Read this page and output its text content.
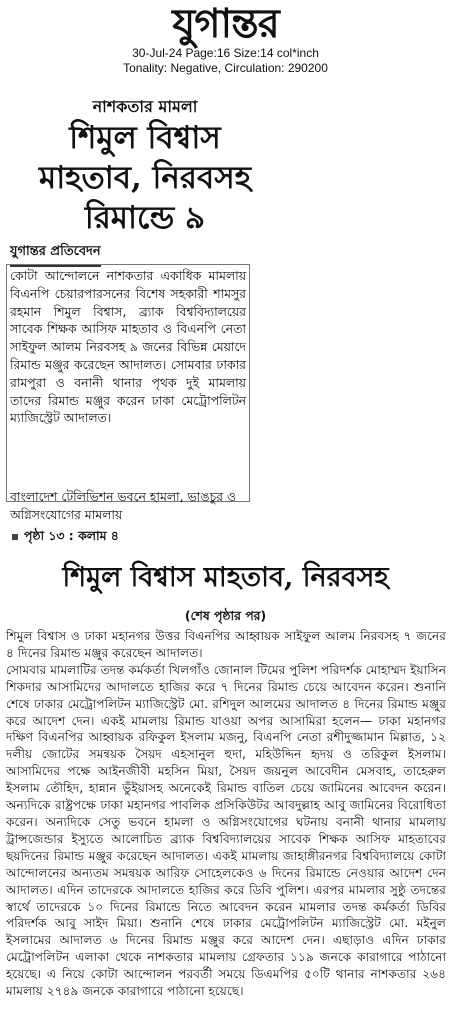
যুগান্তর
30-Jul-24 Page:16 Size:14 col*inch
Tonality: Negative, Circulation: 290200
নাশকতার মামলা
শিমুল বিশ্বাস
মাহতাব, নিরবসহ
রিমান্ডে ৯
যুগান্তর প্রতিবেদন

কোটা আন্দোলনে নাশকতার একাধিক মামলায় বিএনপি চেয়ারপারসনের বিশেষ সহকারী শামসুর রহমান শিমুল বিশ্বাস, ব্র্যাক বিশ্ববিদ্যালয়ের সাবেক শিক্ষক আসিফ মাহতাব ও বিএনপি নেতা সাইফুল আলম নিরবসহ ৯ জনের বিভিন্ন মেয়াদে রিমান্ড মঞ্জুর করেছেন আদালত। সোমবার ঢাকার রামপুরা ও বনানী থানার পৃথক দুই মামলায় তাদের রিমান্ড মঞ্জুর করেন ঢাকা মেট্রোপলিটন ম্যাজিস্ট্রেট আদালত।

বাংলাদেশ টেলিভিশন ভবনে হামলা, ভাঙচুর ও অগ্নিসংযোগের মামলায়
পৃষ্ঠা ১৩ : কলাম ৪
শিমুল বিশ্বাস মাহতাব, নিরবসহ
(শেষ পৃষ্ঠার পর)

শিমুল বিশ্বাস ও ঢাকা মহানগর উত্তর বিএনপির আহ্বায়ক সাইফুল আলম নিরবসহ ৭ জনের ৪ দিনের রিমান্ড মঞ্জুর করেছেন আদালত।

সোমবার মামলাটির তদন্ত কর্মকর্তা খিলগাঁও জোনাল টিমের পুলিশ পরিদর্শক মোহাম্মদ ইয়াসিন শিকদার আসামিদের আদালতে হাজির করে ৭ দিনের রিমান্ড চেয়ে আবেদন করেন। শুনানি শেষে ঢাকার মেট্রোপলিটন ম্যাজিস্ট্রেট মো. রশিদুল আলমের আদালত ৪ দিনের রিমান্ড মঞ্জুর করে আদেশ দেন। একই মামলায় রিমান্ড যাওয়া অপর আসামিরা হলেন— ঢাকা মহানগর দক্ষিণ বিএনপির আহ্বায়ক রফিকুল ইসলাম মজনু, বিএনপি নেতা রশীদুজ্জামান মিল্লাত, ১২ দলীয় জোটের সমন্বয়ক সৈয়দ এহসানুল হুদা, মহিউদ্দিন হৃদয় ও তরিকুল ইসলাম। আসামিদের পক্ষে আইনজীবী মহসিন মিয়া, সৈয়দ জয়নুল আবেদীন মেসবাহ, তাহেরুল ইসলাম তৌহিদ, হান্নান ভুঁইয়াসহ অনেকেই রিমান্ড বাতিল চেয়ে জামিনের আবেদন করেন। অন্যদিকে রাষ্ট্রপক্ষে ঢাকা মহানগর পাবলিক প্রসিকিউটর আবদুল্লাহ আবু জামিনের বিরোধিতা করেন। অন্যদিকে সেতু ভবনে হামলা ও অগ্নিসংযোগের ঘটনায় বনানী থানার মামলায় ট্রান্সজেন্ডার ইস্যুতে আলোচিত ব্র্যাক বিশ্ববিদ্যালয়ের সাবেক শিক্ষক আসিফ মাহতাবের ছয়দিনের রিমান্ড মঞ্জুর করেছেন আদালত। একই মামলায় জাহাঙ্গীরনগর বিশ্ববিদ্যালয়ে কোটা আন্দোলনের অন্যতম সমন্বয়ক আরিফ সোহেলকেও ৬ দিনের রিমান্ডে নেওয়ার আদেশ দেন আদালত। এদিন তাদেরকে আদালতে হাজির করে ডিবি পুলিশ। এরপর মামলার সুষ্ঠু তদন্তের স্বার্থে তাদেরকে ১০ দিনের রিমান্ডে নিতে আবেদন করেন মামলার তদন্ত কর্মকর্তা ডিবির পরিদর্শক আবু সাইদ মিয়া। শুনানি শেষে ঢাকার মেট্রোপলিটন ম্যাজিস্ট্রেট মো. মইনুল ইসলামের আদালত ৬ দিনের রিমান্ড মঞ্জুর করে আদেশ দেন। এছাড়াও এদিন ঢাকার মেট্রোপলিটন এলাকা থেকে নাশকতার মামলায় গ্রেফতার ১১৯ জনকে কারাগারে পাঠানো হয়েছে। এ নিয়ে কোটা আন্দোলন পরবর্তী সময়ে ডিএমপির ৫০টি থানার নাশকতার ২৬৪ মামলায় ২৭৪৯ জনকে কারাগারে পাঠানো হয়েছে।
